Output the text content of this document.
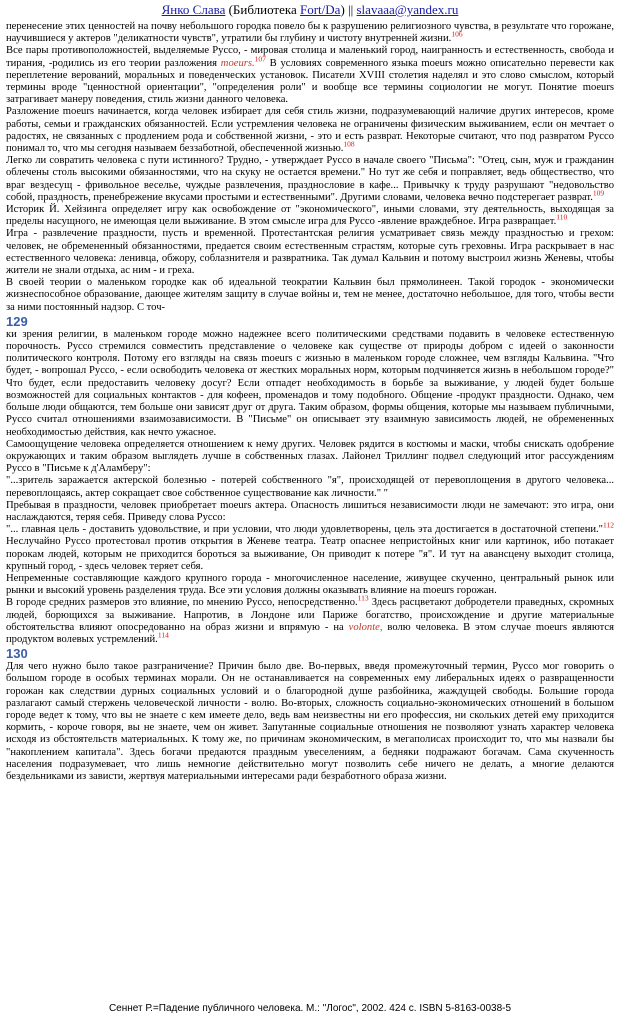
Янко Слава (Библиотека Fort/Da) || slavaaa@yandex.ru

перенесение этих ценностей на почву небольшого городка повело бы к разрушению религиозного чувства, в результате что горожане, научившиеся у актеров "деликатности чувств", утратили бы глубину и чистоту внутренней жизни.$^{106}$

Все пары противоположностей, выделяемые Руссо, - мировая столица и маленький город, наигранность и естественность, свобода и тирания, -родились из его теории разложения moeurs.$^{107}$ В условиях современного языка moeurs можно описательно перевести как переплетение верований, моральных и поведенческих установок. Писатели XVIII столетия наделял и это слово смыслом, который термины вроде "ценностной ориентации", "определения роли" и вообще все термины социологии не могут. Понятие moeurs затрагивает манеру поведения, стиль жизни данного человека.

Разложение moeurs начинается, когда человек избирает для себя стиль жизни, подразумевающий наличие других интересов, кроме работы, семьи и гражданских обязанностей. Если устремления человека не ограничены физическим выживанием, если он мечтает о радостях, не связанных с продлением рода и собственной жизни, - это и есть разврат. Некоторые считают, что под развратом Руссо понимал то, что мы сегодня называем беззаботной, обеспеченной жизнью.$^{108}$

Легко ли совратить человека с пути истинного? Трудно, - утверждает Руссо в начале своего "Письма": "Отец, сын, муж и гражданин облечены столь высокими обязанностями, что на скуку не остается времени." Но тут же себя и поправляет, ведь обществество, что враг вездесущ - фривольное веселье, чуждые развлечения, празднословие в кафе... Привычку к труду разрушают "недовольство собой, праздность, пренебрежение вкусами простыми и естественными". Другими словами, человека вечно подстерегает разврат.$^{109}$

Историк Й. Хейзинга определяет игру как освобождение от "экономического", иными словами, эту деятельность, выходящая за пределы насущного, не имеющая цели выживание. В этом смысле игра для Руссо -явление враждебное. Игра развращает.$^{110}$

Игра - развлечение праздности, пусть и временной. Протестантская религия усматривает связь между праздностью и грехом: человек, не обремененный обязанностями, предается своим естественным страстям, которые суть греховны. Игра раскрывает в нас естественного человека: ленивца, обжору, соблазнителя и развратника. Так думал Кальвин и потому выстроил жизнь Женевы, чтобы жители не знали отдыха, ас ним - и греха.

В своей теории о маленьком городке как об идеальной теократии Кальвин был прямолинеен. Такой городок - экономически жизнеспособное образование, дающее жителям защиту в случае войны и, тем не менее, достаточно небольшое, для того, чтобы вести за ними постоянный надзор. С точ-

129

ки зрения религии, в маленьком городе можно надежнее всего политическими средствами подавить в человеке естественную порочность. Руссо стремился совместить представление о человеке как существе от природы добром с идеей о законности политического контроля. Потому его взгляды на связь moeurs с жизнью в маленьком городе сложнее, чем взгляды Кальвина. "Что будет, - вопрошал Руссо, - если освободить человека от жестких моральных норм, которым подчиняется жизнь в небольшом городе?" Что будет, если предоставить человеку досуг? Если отпадет необходимость в борьбе за выживание, у людей будет больше возможностей для социальных контактов - для кофеен, променадов и тому подобного. Общение -продукт праздности. Однако, чем больше люди общаются, тем больше они зависят друг от друга. Таким образом, формы общения, которые мы называем публичными, Руссо считал отношениями взаимозависимости. В "Письме" он описывает эту взаимную зависимость людей, не обремененных необходимостью действия, как нечто ужасное.

Самоощущение человека определяется отношением к нему других. Человек рядится в костюмы и маски, чтобы снискать одобрение окружающих и таким образом выглядеть лучше в собственных глазах. Лайонел Триллинг подвел следующий итог рассуждениям Руссо в "Письме к д'Аламберу":

"...зритель заражается актерской болезнью - потерей собственного "я", происходящей от перевоплощения в другого человека... перевоплощаясь, актер сокращает свое собственное существование как личности." "

Пребывая в праздности, человек приобретает moeurs актера. Опасность лишиться независимости люди не замечают: это игра, они наслаждаются, теряя себя. Приведу слова Руссо:

"... главная цель - доставить удовольствие, и при условии, что люди удовлетворены, цель эта достигается в достаточной степени."$^{112}$ Неслучайно Руссо протестовал против открытия в Женеве театра. Театр опаснее непристойных книг или картинок, ибо потакает порокам людей, которым не приходится бороться за выживание, Он приводит к потере "я". И тут на авансцену выходит столица, крупный город, - здесь человек теряет себя.

Непременные составляющие каждого крупного города - многочисленное население, живущее скученно, центральный рынок или рынки и высокий уровень разделения труда. Все эти условия должны оказывать влияние на moeurs горожан.

В городе средних размеров это влияние, по мнению Руссо, непосредственно.$^{113}$ Здесь расцветают добродетели праведных, скромных людей, борющихся за выживание. Напротив, в Лондоне или Париже богатство, происхождение и другие материальные обстоятельства влияют опосредованно на образ жизни и впрямую - на volonte, волю человека. В этом случае moeurs являются продуктом волевых устремлений.$^{114}$

130

Для чего нужно было такое разграничение? Причин было две. Во-первых, введя промежуточный термин, Руссо мог говорить о большом городе в особых терминах морали. Он не останавливается на современных ему либеральных идеях о развращенности горожан как следствии дурных социальных условий и о благородной душе разбойника, жаждущей свободы. Большие города разлагают самый стержень человеческой личности - волю. Во-вторых, сложность социально-экономических отношений в большом городе ведет к тому, что вы не знаете с кем имеете дело, ведь вам неизвестны ни его профессия, ни скольких детей ему приходится кормить, - короче говоря, вы не знаете, чем он живет. Запутанные социальные отношения не позволяют узнать характер человека исходя из обстоятельств материальных. К тому же, по причинам экономическим, в мегаполисах происходит то, что мы назвали бы "накоплением капитала". Здесь богачи предаются праздным увеселениям, а бедняки подражают богачам. Сама скученность населения подразумевает, что лишь немногие действительно могут позволить себе ничего не делать, а многие делаются бездельниками из зависти, жертвуя материальными интересами ради безработного образа жизни.

Сеннет Р.=Падение публичного человека. М.: "Логос", 2002. 424 с. ISBN 5-8163-0038-5
